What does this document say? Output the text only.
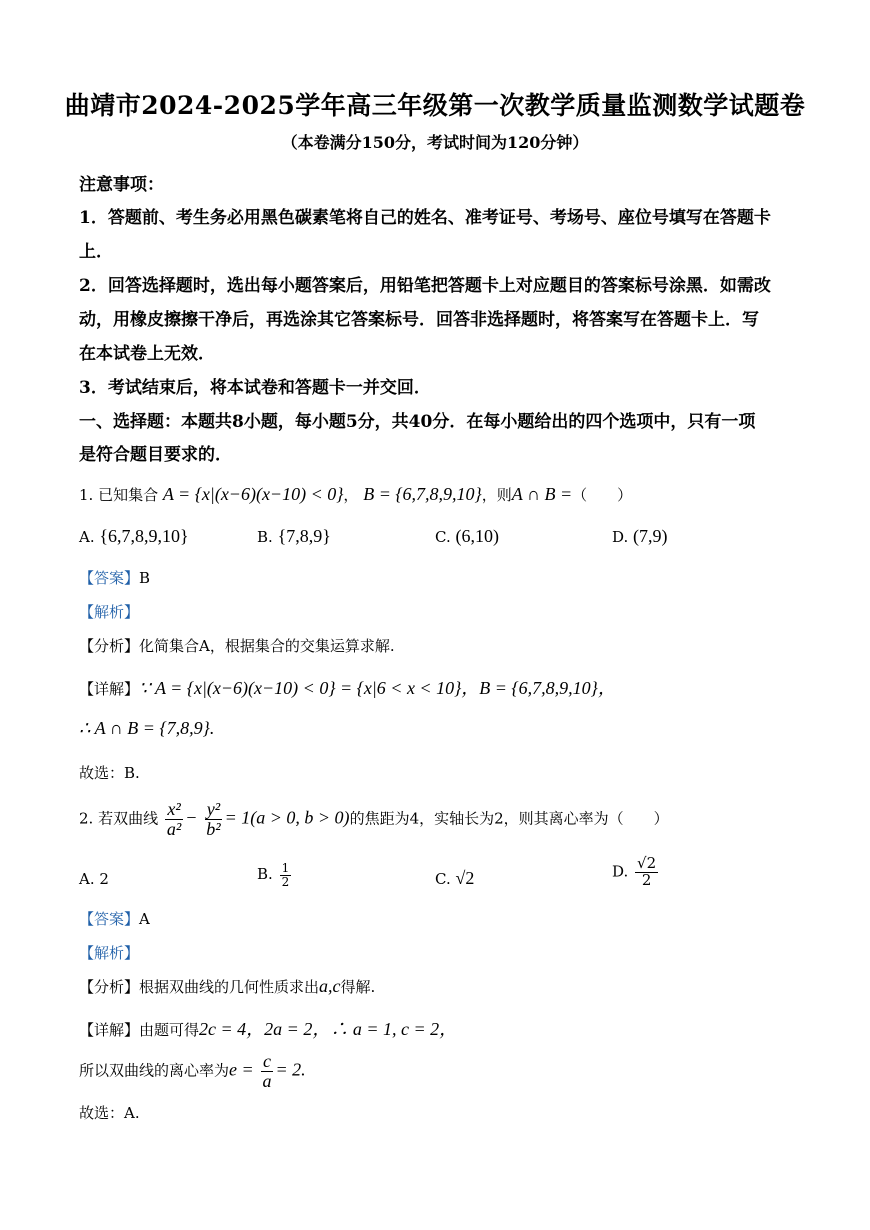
曲靖市2024-2025学年高三年级第一次教学质量监测数学试题卷
（本卷满分150分，考试时间为120分钟）
注意事项：
1．答题前、考生务必用黑色碳素笔将自己的姓名、准考证号、考场号、座位号填写在答题卡
上．
2．回答选择题时，选出每小题答案后，用铅笔把答题卡上对应题目的答案标号涂黑．如需改
动，用橡皮擦擦干净后，再选涂其它答案标号．回答非选择题时，将答案写在答题卡上．写
在本试卷上无效．
3．考试结束后，将本试卷和答题卡一并交回．
一、选择题：本题共8小题，每小题5分，共40分．在每小题给出的四个选项中，只有一项
是符合题目要求的．
1. 已知集合 A = {x|(x−6)(x−10) < 0}， B = {6,7,8,9,10}，则A ∩ B =（　　）
A. {6,7,8,9,10}	B. {7,8,9}	C. (6,10)	D. (7,9)
【答案】B
【解析】
【分析】化简集合A，根据集合的交集运算求解.
【详解】∵ A = {x|(x−6)(x−10) < 0} = {x|6 < x < 10}，B = {6,7,8,9,10}，
∴ A ∩ B = {7,8,9}.
故选：B.
2. 若双曲线 $\frac{\text{x²}}{\text{a²}} - \frac{\text{y²}}{\text{b²}} = 1(a > 0$, b > 0)的焦距为4，实轴长为2，则其离心率为（　　）
A. 2	B. $\frac{1}{2}$	C. √2	D. $\frac{√2}{2}$
【答案】A
【解析】
【分析】根据双曲线的几何性质求出a,c得解.
【详解】由题可得2c = 4，2a = 2，∴ a = 1, c = 2，
所以双曲线的离心率为$e = \frac{c}{a} = 2$.
故选：A.
